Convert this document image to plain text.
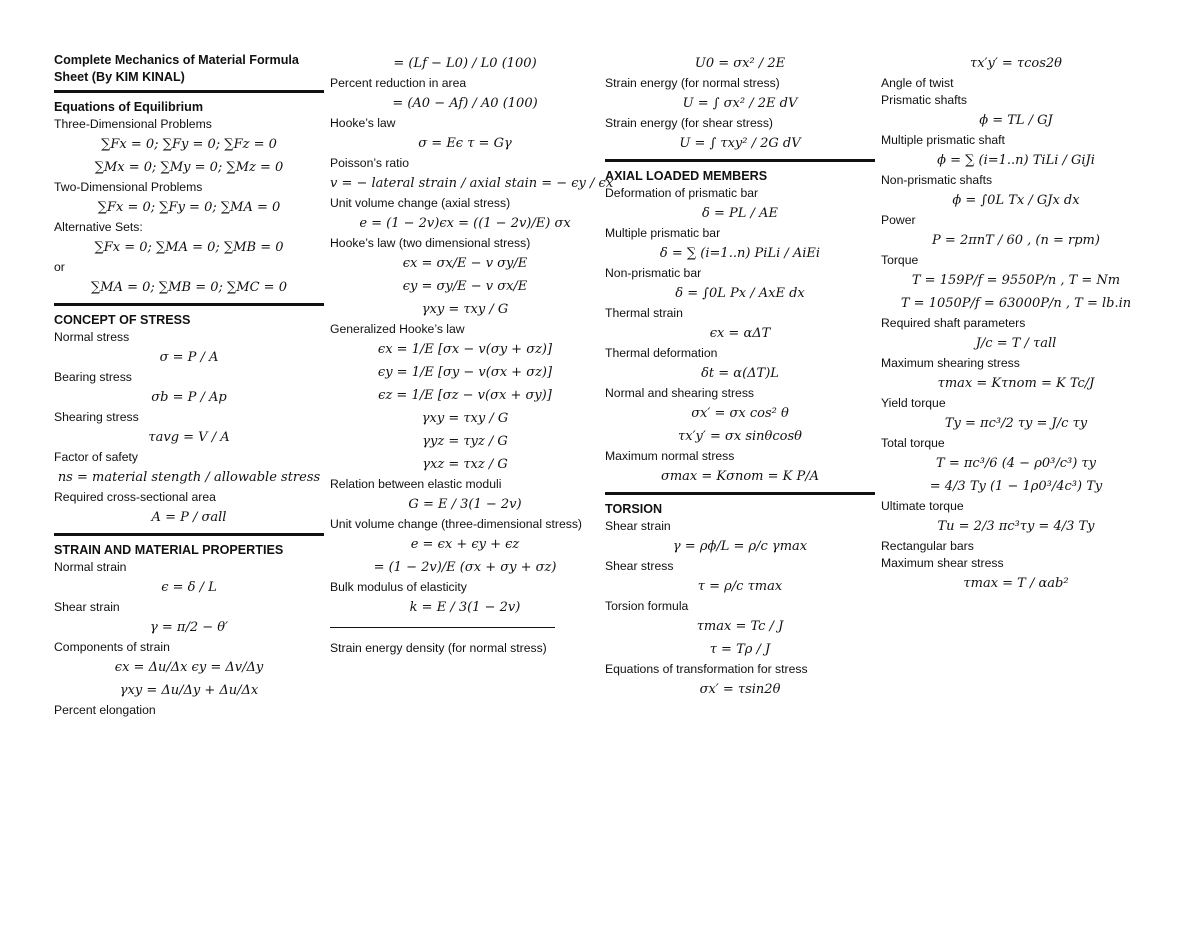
Complete Mechanics of Material Formula Sheet (By KIM KINAL)
Equations of Equilibrium
Three-Dimensional Problems
∑Fx = 0; ∑Fy = 0; ∑Fz = 0
∑Mx = 0; ∑My = 0; ∑Mz = 0
Two-Dimensional Problems
∑Fx = 0; ∑Fy = 0; ∑MA = 0
Alternative Sets:
∑Fx = 0; ∑MA = 0; ∑MB = 0
or
∑MA = 0; ∑MB = 0; ∑MC = 0
CONCEPT OF STRESS
Normal stress
σ = P / A
Bearing stress
σb = P / Ap
Shearing stress
τavg = V / A
Factor of safety
ns = material stength / allowable stress
Required cross-sectional area
A = P / σall
STRAIN AND MATERIAL PROPERTIES
Normal strain
ϵ = δ / L
Shear strain
γ = π/2 − θ′
Components of strain
ϵx = Δu/Δx ϵy = Δv/Δy
γxy = Δu/Δy + Δu/Δx
Percent elongation
= (Lf − L0) / L0 (100)
Percent reduction in area
= (A0 − Af) / A0 (100)
Hooke’s law
σ = Eϵ τ = Gγ
Poisson’s ratio
v = − lateral strain / axial stain = − ϵy / ϵx
Unit volume change (axial stress)
e = (1 − 2v)ϵx = ((1 − 2v)/E) σx
Hooke’s law (two dimensional stress)
ϵx = σx/E − v σy/E
ϵy = σy/E − v σx/E
γxy = τxy / G
Generalized Hooke’s law
ϵx = 1/E [σx − v(σy + σz)]
ϵy = 1/E [σy − v(σx + σz)]
ϵz = 1/E [σz − v(σx + σy)]
γxy = τxy / G
γyz = τyz / G
γxz = τxz / G
Relation between elastic moduli
G = E / 3(1 − 2v)
Unit volume change (three-dimensional stress)
e = ϵx + ϵy + ϵz
= (1 − 2v)/E (σx + σy + σz)
Bulk modulus of elasticity
k = E / 3(1 − 2v)
Strain energy density (for normal stress)
U0 = σx² / 2E
Strain energy (for normal stress)
U = ∫ σx² / 2E dV
Strain energy (for shear stress)
U = ∫ τxy² / 2G dV
AXIAL LOADED MEMBERS
Deformation of prismatic bar
δ = PL / AE
Multiple prismatic bar
δ = ∑ (i=1..n) PiLi / AiEi
Non-prismatic bar
δ = ∫0L Px / AxE dx
Thermal strain
ϵx = αΔT
Thermal deformation
δt = α(ΔT)L
Normal and shearing stress
σx′ = σx cos² θ
τx′y′ = σx sinθcosθ
Maximum normal stress
σmax = Kσnom = K P/A
TORSION
Shear strain
γ = ρϕ/L = ρ/c γmax
Shear stress
τ = ρ/c τmax
Torsion formula
τmax = Tc / J
τ = Tρ / J
Equations of transformation for stress
σx′ = τsin2θ
τx′y′ = τcos2θ
Angle of twist
Prismatic shafts
ϕ = TL / GJ
Multiple prismatic shaft
ϕ = ∑ (i=1..n) TiLi / GiJi
Non-prismatic shafts
ϕ = ∫0L Tx / GJx dx
Power
P = 2πnT / 60 , (n = rpm)
Torque
T = 159P/f = 9550P/n , T = Nm
T = 1050P/f = 63000P/n , T = lb.in
Required shaft parameters
J/c = T / τall
Maximum shearing stress
τmax = Kτnom = K Tc/J
Yield torque
Ty = πc³/2 τy = J/c τy
Total torque
T = πc³/6 (4 − ρ0³/c³) τy
= 4/3 Ty (1 − 1ρ0³/4c³) Ty
Ultimate torque
Tu = 2/3 πc³τy = 4/3 Ty
Rectangular bars
Maximum shear stress
τmax = T / αab²
